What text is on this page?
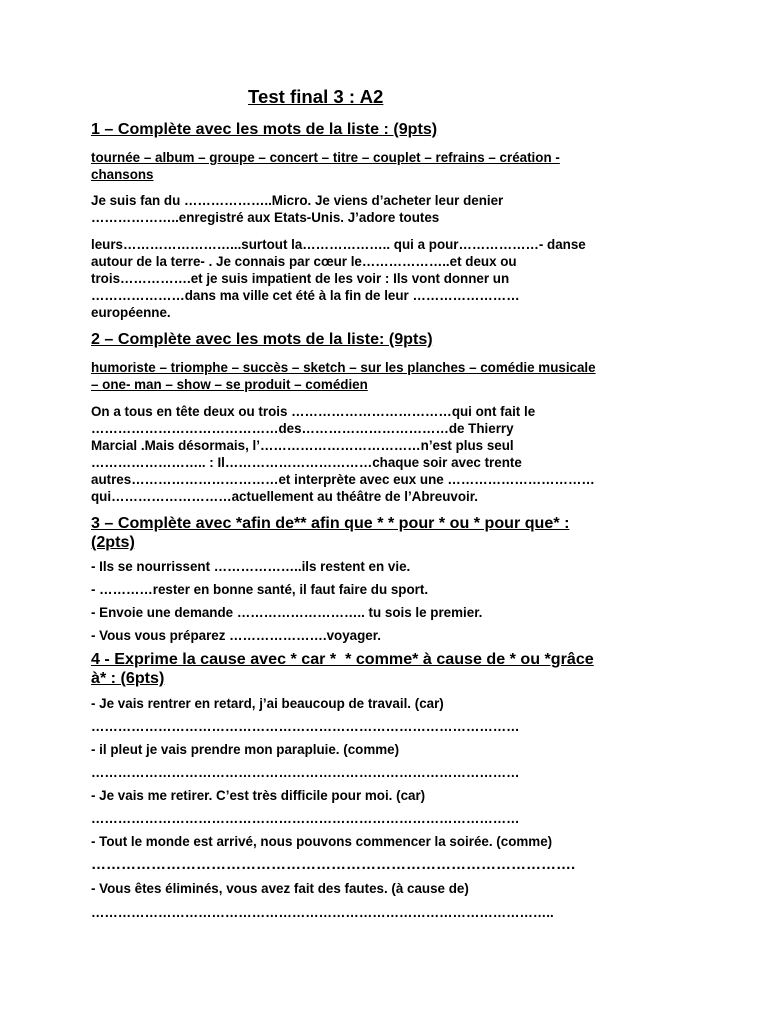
Test final 3 : A2
1 – Complète avec les mots de la liste : (9pts)
tournée – album – groupe – concert – titre – couplet – refrains – création -
chansons
Je suis fan du ………………..Micro. Je viens d’acheter leur denier
………………..enregistré aux Etats-Unis. J’adore toutes
leurs……………………...surtout la……………….. qui a pour………………- danse
autour de la terre- . Je connais par cœur le………………..et deux ou
trois…………….et je suis impatient de les voir : Ils vont donner un
…………………dans ma ville cet été à la fin de leur ……………………
européenne.
2 – Complète avec les mots de la liste: (9pts)
humoriste – triomphe – succès – sketch – sur les planches – comédie musicale
– one- man – show – se produit – comédien
On a tous en tête deux ou trois ………………………………qui ont fait le
……………………………………des……………………………de Thierry
Marcial .Mais désormais, l’………………………………n’est plus seul
…………………….. : Il……………………………chaque soir avec trente
autres……………………………et interprète avec eux une ……………………………
qui………………………actuellement au théâtre de l’Abreuvoir.
3 – Complète avec *afin de** afin que * * pour * ou * pour que* :
(2pts)
- Ils se nourrissent ………………..ils restent en vie.
- …………rester en bonne santé, il faut faire du sport.
- Envoie une demande ……………………….. tu sois le premier.
- Vous vous préparez ………………….voyager.
4 - Exprime la cause avec * car *  * comme* à cause de * ou *grâce
à* : (6pts)
- Je vais rentrer en retard, j’ai beaucoup de travail. (car)
……………………………………………………………………………………
- il pleut je vais prendre mon parapluie. (comme)
……………………………………………………………………………………
- Je vais me retirer. C’est très difficile pour moi. (car)
……………………………………………………………………………………
- Tout le monde est arrivé, nous pouvons commencer la soirée. (comme)
…………………………………………………………………………………….
- Vous êtes éliminés, vous avez fait des fautes. (à cause de)
…………………………………………………………………………………………..
